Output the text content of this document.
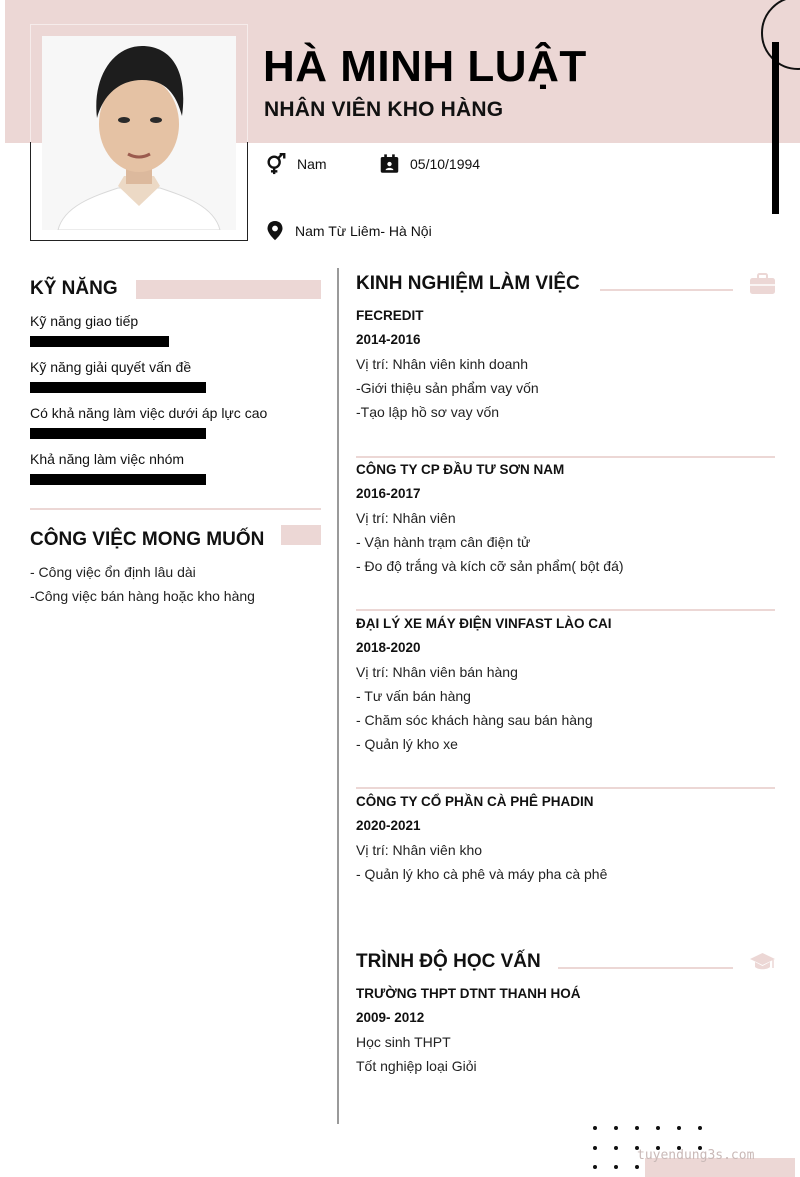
HÀ MINH LUẬT
NHÂN VIÊN KHO HÀNG
Nam	05/10/1994
Nam Từ Liêm- Hà Nội
KỸ NĂNG
Kỹ năng giao tiếp
Kỹ năng giải quyết vấn đề
Có khả năng làm việc dưới áp lực cao
Khả năng làm việc nhóm
CÔNG VIỆC MONG MUỐN
- Công việc ổn định lâu dài
-Công việc bán hàng hoặc kho hàng
KINH NGHIỆM LÀM VIỆC
FECREDIT
2014-2016
Vị trí: Nhân viên kinh doanh
-Giới thiệu sản phẩm vay vốn
-Tạo lập hồ sơ vay vốn
CÔNG TY CP ĐẦU TƯ SƠN NAM
2016-2017
Vị trí: Nhân viên
- Vận hành trạm cân điện tử
- Đo độ trắng và kích cỡ sản phẩm( bột đá)
ĐẠI LÝ XE MÁY ĐIỆN VINFAST LÀO CAI
2018-2020
Vị trí: Nhân viên bán hàng
- Tư vấn bán hàng
- Chăm sóc khách hàng sau bán hàng
- Quản lý kho xe
CÔNG TY CỔ PHẦN CÀ PHÊ PHADIN
2020-2021
Vị trí: Nhân viên kho
- Quản lý kho cà phê và máy pha cà phê
TRÌNH ĐỘ HỌC VẤN
TRƯỜNG THPT DTNT THANH HOÁ
2009- 2012
Học sinh THPT
Tốt nghiệp loại Giỏi
tuyendung3s.com
